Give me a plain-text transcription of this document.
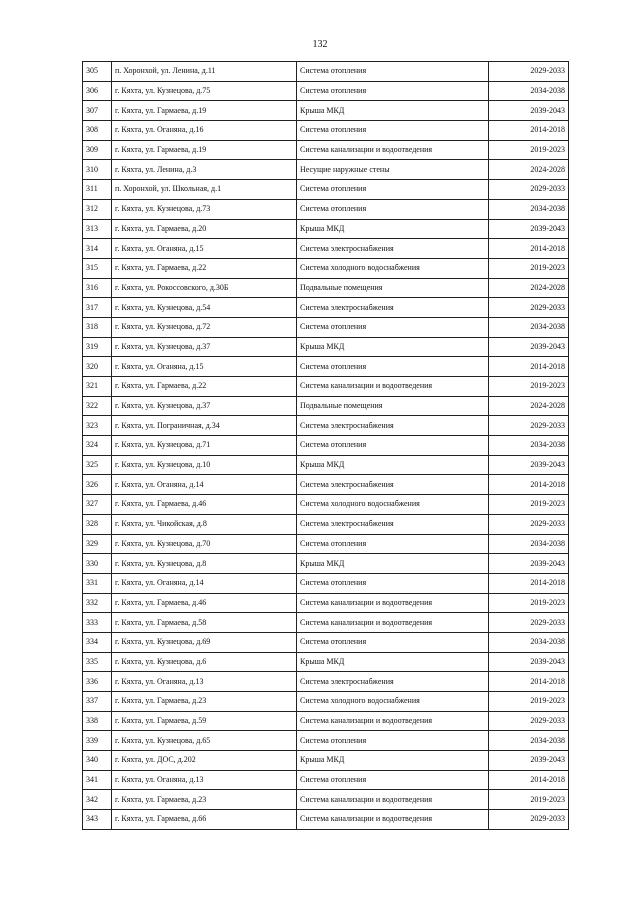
132
305	п. Хоронхой, ул. Ленина, д.11	Система отопления	2029-2033
306	г. Кяхта, ул. Кузнецова, д.75	Система отопления	2034-2038
307	г. Кяхта, ул. Гармаева, д.19	Крыша МКД	2039-2043
308	г. Кяхта, ул. Оганяна, д.16	Система отопления	2014-2018
309	г. Кяхта, ул. Гармаева, д.19	Система канализации и водоотведения	2019-2023
310	г. Кяхта, ул. Ленина, д.3	Несущие наружные стены	2024-2028
311	п. Хоронхой, ул. Школьная, д.1	Система отопления	2029-2033
312	г. Кяхта, ул. Кузнецова, д.73	Система отопления	2034-2038
313	г. Кяхта, ул. Гармаева, д.20	Крыша МКД	2039-2043
314	г. Кяхта, ул. Оганяна, д.15	Система электроснабжения	2014-2018
315	г. Кяхта, ул. Гармаева, д.22	Система холодного водоснабжения	2019-2023
316	г. Кяхта, ул. Рокоссовского, д.30Б	Подвальные помещения	2024-2028
317	г. Кяхта, ул. Кузнецова, д.54	Система электроснабжения	2029-2033
318	г. Кяхта, ул. Кузнецова, д.72	Система отопления	2034-2038
319	г. Кяхта, ул. Кузнецова, д.37	Крыша МКД	2039-2043
320	г. Кяхта, ул. Оганяна, д.15	Система отопления	2014-2018
321	г. Кяхта, ул. Гармаева, д.22	Система канализации и водоотведения	2019-2023
322	г. Кяхта, ул. Кузнецова, д.37	Подвальные помещения	2024-2028
323	г. Кяхта, ул. Пограничная, д.34	Система электроснабжения	2029-2033
324	г. Кяхта, ул. Кузнецова, д.71	Система отопления	2034-2038
325	г. Кяхта, ул. Кузнецова, д.10	Крыша МКД	2039-2043
326	г. Кяхта, ул. Оганяна, д.14	Система электроснабжения	2014-2018
327	г. Кяхта, ул. Гармаева, д.46	Система холодного водоснабжения	2019-2023
328	г. Кяхта, ул. Чикойская, д.8	Система электроснабжения	2029-2033
329	г. Кяхта, ул. Кузнецова, д.70	Система отопления	2034-2038
330	г. Кяхта, ул. Кузнецова, д.8	Крыша МКД	2039-2043
331	г. Кяхта, ул. Оганяна, д.14	Система отопления	2014-2018
332	г. Кяхта, ул. Гармаева, д.46	Система канализации и водоотведения	2019-2023
333	г. Кяхта, ул. Гармаева, д.58	Система канализации и водоотведения	2029-2033
334	г. Кяхта, ул. Кузнецова, д.69	Система отопления	2034-2038
335	г. Кяхта, ул. Кузнецова, д.6	Крыша МКД	2039-2043
336	г. Кяхта, ул. Оганяна, д.13	Система электроснабжения	2014-2018
337	г. Кяхта, ул. Гармаева, д.23	Система холодного водоснабжения	2019-2023
338	г. Кяхта, ул. Гармаева, д.59	Система канализации и водоотведения	2029-2033
339	г. Кяхта, ул. Кузнецова, д.65	Система отопления	2034-2038
340	г. Кяхта, ул. ДОС, д.202	Крыша МКД	2039-2043
341	г. Кяхта, ул. Оганяна, д.13	Система отопления	2014-2018
342	г. Кяхта, ул. Гармаева, д.23	Система канализации и водоотведения	2019-2023
343	г. Кяхта, ул. Гармаева, д.66	Система канализации и водоотведения	2029-2033
